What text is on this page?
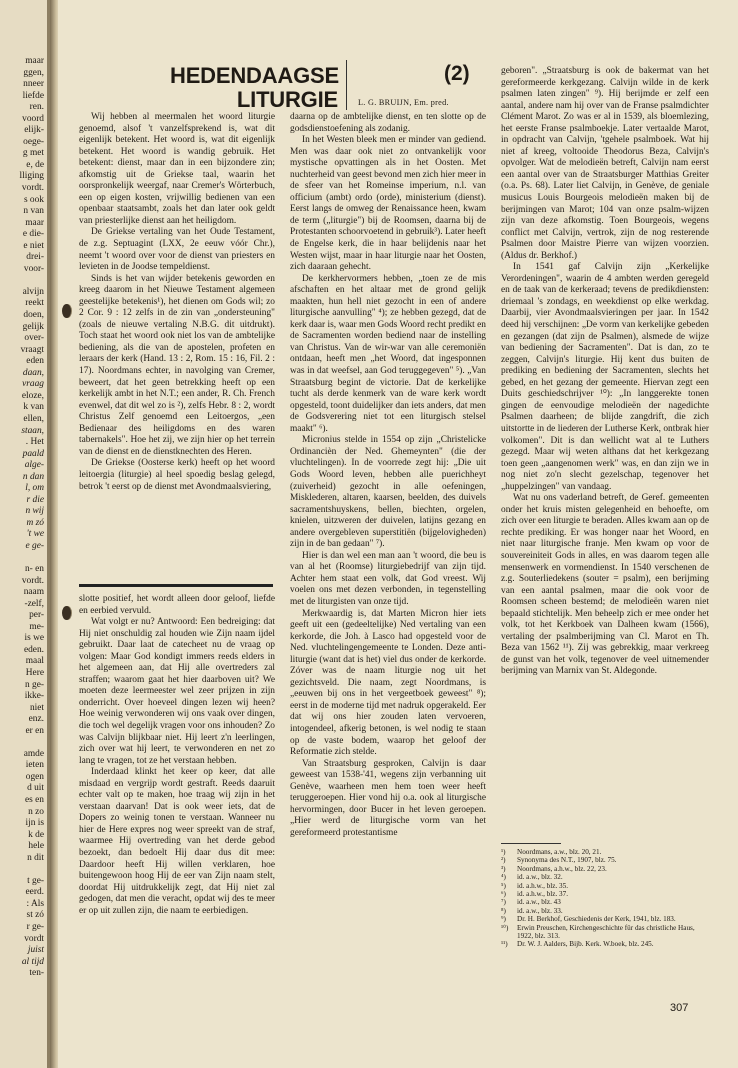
maar
ggen,
nneer
liefde
ren.
voord
elijk-
oege-
g met
e, de
lliging
vordt.
s ook
n van
maar
e die-
e niet
drei-
voor-
alvijn
reekt
doen,
gelijk
over-
vraagt
eden
daan,
vraag
eloze,
k van
ellen,
staan,
. Het
paald
alge-
n dan
l, om
r die
n wij
m zó
't we
e ge-
n- en
vordt.
naam
-zelf,
per-
me-
is we
eden.
maal
Here
n ge-
ikke-
niet
enz.
er en
amde
ieten
ogen
d uit
es en
n zo
ijn is
k de
hele
n dit
t ge-
eerd.
: Als
st zó
r ge-
vordt
juist
al tijd
ten-
HEDENDAAGSE LITURGIE
(2)
L. G. BRUIJN, Em. pred.

Wij hebben al meermalen het woord liturgie genoemd, alsof 't vanzelfsprekend is, wat dit eigenlijk betekent. Het woord is, wat dit eigenlijk betekent. Het woord is wandig gebruik. Het betekent: dienst, maar dan in een bijzondere zin; afkomstig uit de Griekse taal, waarin het oorspronkelijk weergaf, naar Cremer's Wörterbuch, een op eigen kosten, vrijwillig bedienen van een openbaar staatsambt, zoals het dan later ook geldt van priesterlijke dienst aan het heiligdom.

De Griekse vertaling van het Oude Testament, de z.g. Septuagint (LXX, 2e eeuw vóór Chr.), neemt 't woord over voor de dienst van priesters en levieten in de Joodse tempeldienst.

Sinds is het van wijder betekenis geworden en kreeg daarom in het Nieuwe Testament algemeen geestelijke betekenis¹), het dienen om Gods wil; zo 2 Cor. 9 : 12 zelfs in de zin van „ondersteuning" (zoals de nieuwe vertaling N.B.G. dit uitdrukt). Toch staat het woord ook niet los van de ambtelijke bediening, als die van de apostelen, profeten en leraars der kerk (Hand. 13 : 2, Rom. 15 : 16, Fil. 2 : 17). Noordmans echter, in navolging van Cremer, beweert, dat het geen betrekking heeft op een kerkelijk ambt in het N.T.; een ander, R. Ch. French evenwel, dat dit wel zo is ²), zelfs Hebr. 8 : 2, wordt Christus Zelf genoemd een Leitoergos, „een Bedienaar des heiligdoms en des waren tabernakels". Hoe het zij, we zijn hier op het terrein van de dienst en de dienstknechten des Heren.

De Griekse (Oosterse kerk) heeft op het woord leitoergia (liturgie) al heel spoedig beslag gelegd, betrok 't eerst op de dienst met Avondmaalsviering,

slotte positief, het wordt alleen door geloof, liefde en eerbied vervuld.

Wat volgt er nu? Antwoord: Een bedreiging: dat Hij niet onschuldig zal houden wie Zijn naam ijdel gebruikt. Daar laat de catecheet nu de vraag op volgen: Maar God kondigt immers reeds elders in het algemeen aan, dat Hij alle overtreders zal straffen; waarom gaat het hier daarboven uit? We moeten deze leermeester wel zeer prijzen in zijn onderricht. Over hoeveel dingen lezen wij heen? Hoe weinig verwonderen wij ons vaak over dingen, die toch wel degelijk vragen voor ons inhouden? Zo was Calvijn blijkbaar niet. Hij leert z'n leerlingen, zich over wat hij leert, te verwonderen en net zo lang te vragen, tot ze het verstaan hebben.

Inderdaad klinkt het keer op keer, dat alle misdaad en vergrijp wordt gestraft. Reeds daaruit echter valt op te maken, hoe traag wij zijn in het verstaan daarvan! Dat is ook weer iets, dat de Dopers zo weinig tonen te verstaan. Wanneer nu hier de Here expres nog weer spreekt van de straf, waarmee Hij overtreding van het derde gebod bezoekt, dan bedoelt Hij daar dus dit mee: Daardoor heeft Hij willen verklaren, hoe buitengewoon hoog Hij de eer van Zijn naam stelt, doordat Hij uitdrukkelijk zegt, dat Hij niet zal gedogen, dat men die veracht, opdat wij des te meer er op uit zullen zijn, die naam te eerbiedigen.

daarna op de ambtelijke dienst, en ten slotte op de godsdienstoefening als zodanig.

In het Westen bleek men er minder van gediend. Men was daar ook niet zo ontvankelijk voor mystische opvattingen als in het Oosten. Met nuchterheid van geest bevond men zich hier meer in de sfeer van het Romeinse imperium, n.l. van officium (ambt) ordo (orde), ministerium (dienst). Eerst langs de omweg der Renaissance heen, kwam de term („liturgie") bij de Roomsen, daarna bij de Protestanten schoorvoetend in gebruik³). Later heeft de Engelse kerk, die in haar belijdenis naar het Westen wijst, maar in haar liturgie naar het Oosten, zich daaraan gehecht.

De kerkhervormers hebben, „toen ze de mis afschaften en het altaar met de grond gelijk maakten, hun hell niet gezocht in een of andere liturgische aanvulling" ⁴); ze hebben gezegd, dat de kerk daar is, waar men Gods Woord recht predikt en de Sacramenten worden bediend naar de instelling van Christus. Van de wir-war van alle ceremoniën ontdaan, heeft men „het Woord, dat ingesponnen was in dat weefsel, aan God teruggegeven" ⁵). „Van Straatsburg begint de victorie. Dat de kerkelijke tucht als derde kenmerk van de ware kerk wordt opgesteld, toont duidelijker dan iets anders, dat men de Godsverering niet tot een liturgisch stelsel maakt" ⁶).

Micronius stelde in 1554 op zijn „Christelicke Ordinancièn der Ned. Ghemeynten" (die der vluchtelingen). In de voorrede zegt hij: „Die uit Gods Woord leven, hebben alle puerichheyt (zuiverheid) gezocht in alle oefeningen, Misklederen, altaren, kaarsen, beelden, des duivels sacramentshuyskens, bellen, biechten, orgelen, knielen, uitzweren der duivelen, latijns gezang en andere overgebleven superstitiën (bijgelovigheden) zijn in de ban gedaan" ⁷).

Hier is dan wel een man aan 't woord, die beu is van al het (Roomse) liturgiebedrijf van zijn tijd. Achter hem staat een volk, dat God vreest. Wij voelen ons met dezen verbonden, in tegenstelling met de liturgisten van onze tijd.

Merkwaardig is, dat Marten Micron hier iets geeft uit een (gedeeltelijke) Ned vertaling van een kerkorde, die Joh. à Lasco had opgesteld voor de Ned. vluchtelingengemeente te Londen. Deze anti-liturgie (want dat is het) viel dus onder de kerkorde. Zóver was de naam liturgie nog uit het gezichtsveld. Die naam, zegt Noordmans, is „eeuwen bij ons in het vergeetboek geweest" ⁸); eerst in de moderne tijd met nadruk opgerakeld. Eer dat wij ons hier zouden laten vervoeren, intogendeel, afkerig betonen, is wel nodig te staan op de vaste bodem, waarop het geloof der Reformatie zich stelde.

Van Straatsburg gesproken, Calvijn is daar geweest van 1538-'41, wegens zijn verbanning uit Genève, waarheen men hem toen weer heeft teruggeroepen. Hier vond hij o.a. ook al liturgische hervormingen, door Bucer in het leven geroepen. „Hier werd de liturgische vorm van het gereformeerd protestantisme

geboren". „Straatsburg is ook de bakermat van het gereformeerde kerkgezang. Calvijn wilde in de kerk psalmen laten zingen" ⁹). Hij berijmde er zelf een aantal, andere nam hij over van de Franse psalmdichter Clément Marot. Zo was er al in 1539, als bloemlezing, het eerste Franse psalmboekje. Later vertaalde Marot, in opdracht van Calvijn, 'tgehele psalmboek. Wat hij niet af kreeg, voltooide Theodorus Beza, Calvijn's opvolger. Wat de melodieën betreft, Calvijn nam eerst een aantal over van de Straatsburger Matthias Greiter (o.a. Ps. 68). Later liet Calvijn, in Genève, de geniale musicus Louis Bourgeois melodieën maken bij de berijmingen van Marot; 104 van onze psalm-wijzen zijn van deze afkomstig. Toen Bourgeois, wegens conflict met Calvijn, vertrok, zijn de nog resterende Psalmen door Maistre Pierre van wijzen voorzien. (Aldus dr. Berkhof.)

In 1541 gaf Calvijn zijn „Kerkelijke Verordeningen", waarin de 4 ambten werden geregeld en de taak van de kerkeraad; tevens de predikdiensten: driemaal 's zondags, en weekdienst op elke werkdag. Daarbij, vier Avondmaalsvieringen per jaar. In 1542 deed hij verschijnen: „De vorm van kerkelijke gebeden en gezangen (dat zijn de Psalmen), alsmede de wijze van bediening der Sacramenten". Dat is dan, zo te zeggen, Calvijn's liturgie. Hij kent dus buiten de prediking en bediening der Sacramenten, slechts het gebed, en het gezang der gemeente. Hiervan zegt een Duits geschiedschrijver ¹⁰): „In langgerekte tonen gingen de eenvoudige melodieën der nagedichte Psalmen daarheen; de blijde zangdrift, die zich uitstortte in de liederen der Lutherse Kerk, ontbrak hier volkomen". Dit is dan wellicht wat al te Luthers gezegd. Maar wij weten althans dat het kerkgezang toen geen „aangenomen werk" was, en dan zijn we in nog niet zo'n slecht gezelschap, tegenover het „huppelzingen" van vandaag.

Wat nu ons vaderland betreft, de Geref. gemeenten onder het kruis misten gelegenheid en behoefte, om zich over een liturgie te beraden. Alles kwam aan op de rechte prediking. Er was honger naar het Woord, en niet naar liturgische franje. Men kwam op voor de souvereiniteit Gods in alles, en was daarom tegen alle mensenwerk en vormendienst. In 1540 verschenen de z.g. Souterliedekens (souter = psalm), een berijming van een aantal psalmen, maar die ook voor de Roomsen scheen bestemd; de melodieën waren niet bepaald stichtelijk. Men beheelp zich er mee onder het volk, tot het Kerkboek van Dalheen kwam (1566), vertaling der psalmberijming van Cl. Marot en Th. Beza van 1562 ¹¹). Zij was gebrekkig, maar verkreeg de gunst van het volk, tegenover de veel uitnemender berijming van Marnix van St. Aldegonde.

¹)	Noordmans, a.w., blz. 20, 21.
²)	Synonyma des N.T., 1907, blz. 75.
³)	Noordmans, a.h.w., blz. 22, 23.
⁴)	id. a.w., blz. 32.
⁵)	id. a.h.w., blz. 35.
⁶)	id. a.h.w., blz. 37.
⁷)	id. a.w., blz. 43
⁸)	id. a.w., blz. 33.
⁹)	Dr. H. Berkhof, Geschiedenis der Kerk, 1941, blz. 183.
¹⁰)	Erwin Preuschen, Kirchengeschichte für das christliche Haus, 1922, blz. 313.
¹¹)	Dr. W. J. Aalders, Bijb. Kerk. W.boek, blz. 245.
307
